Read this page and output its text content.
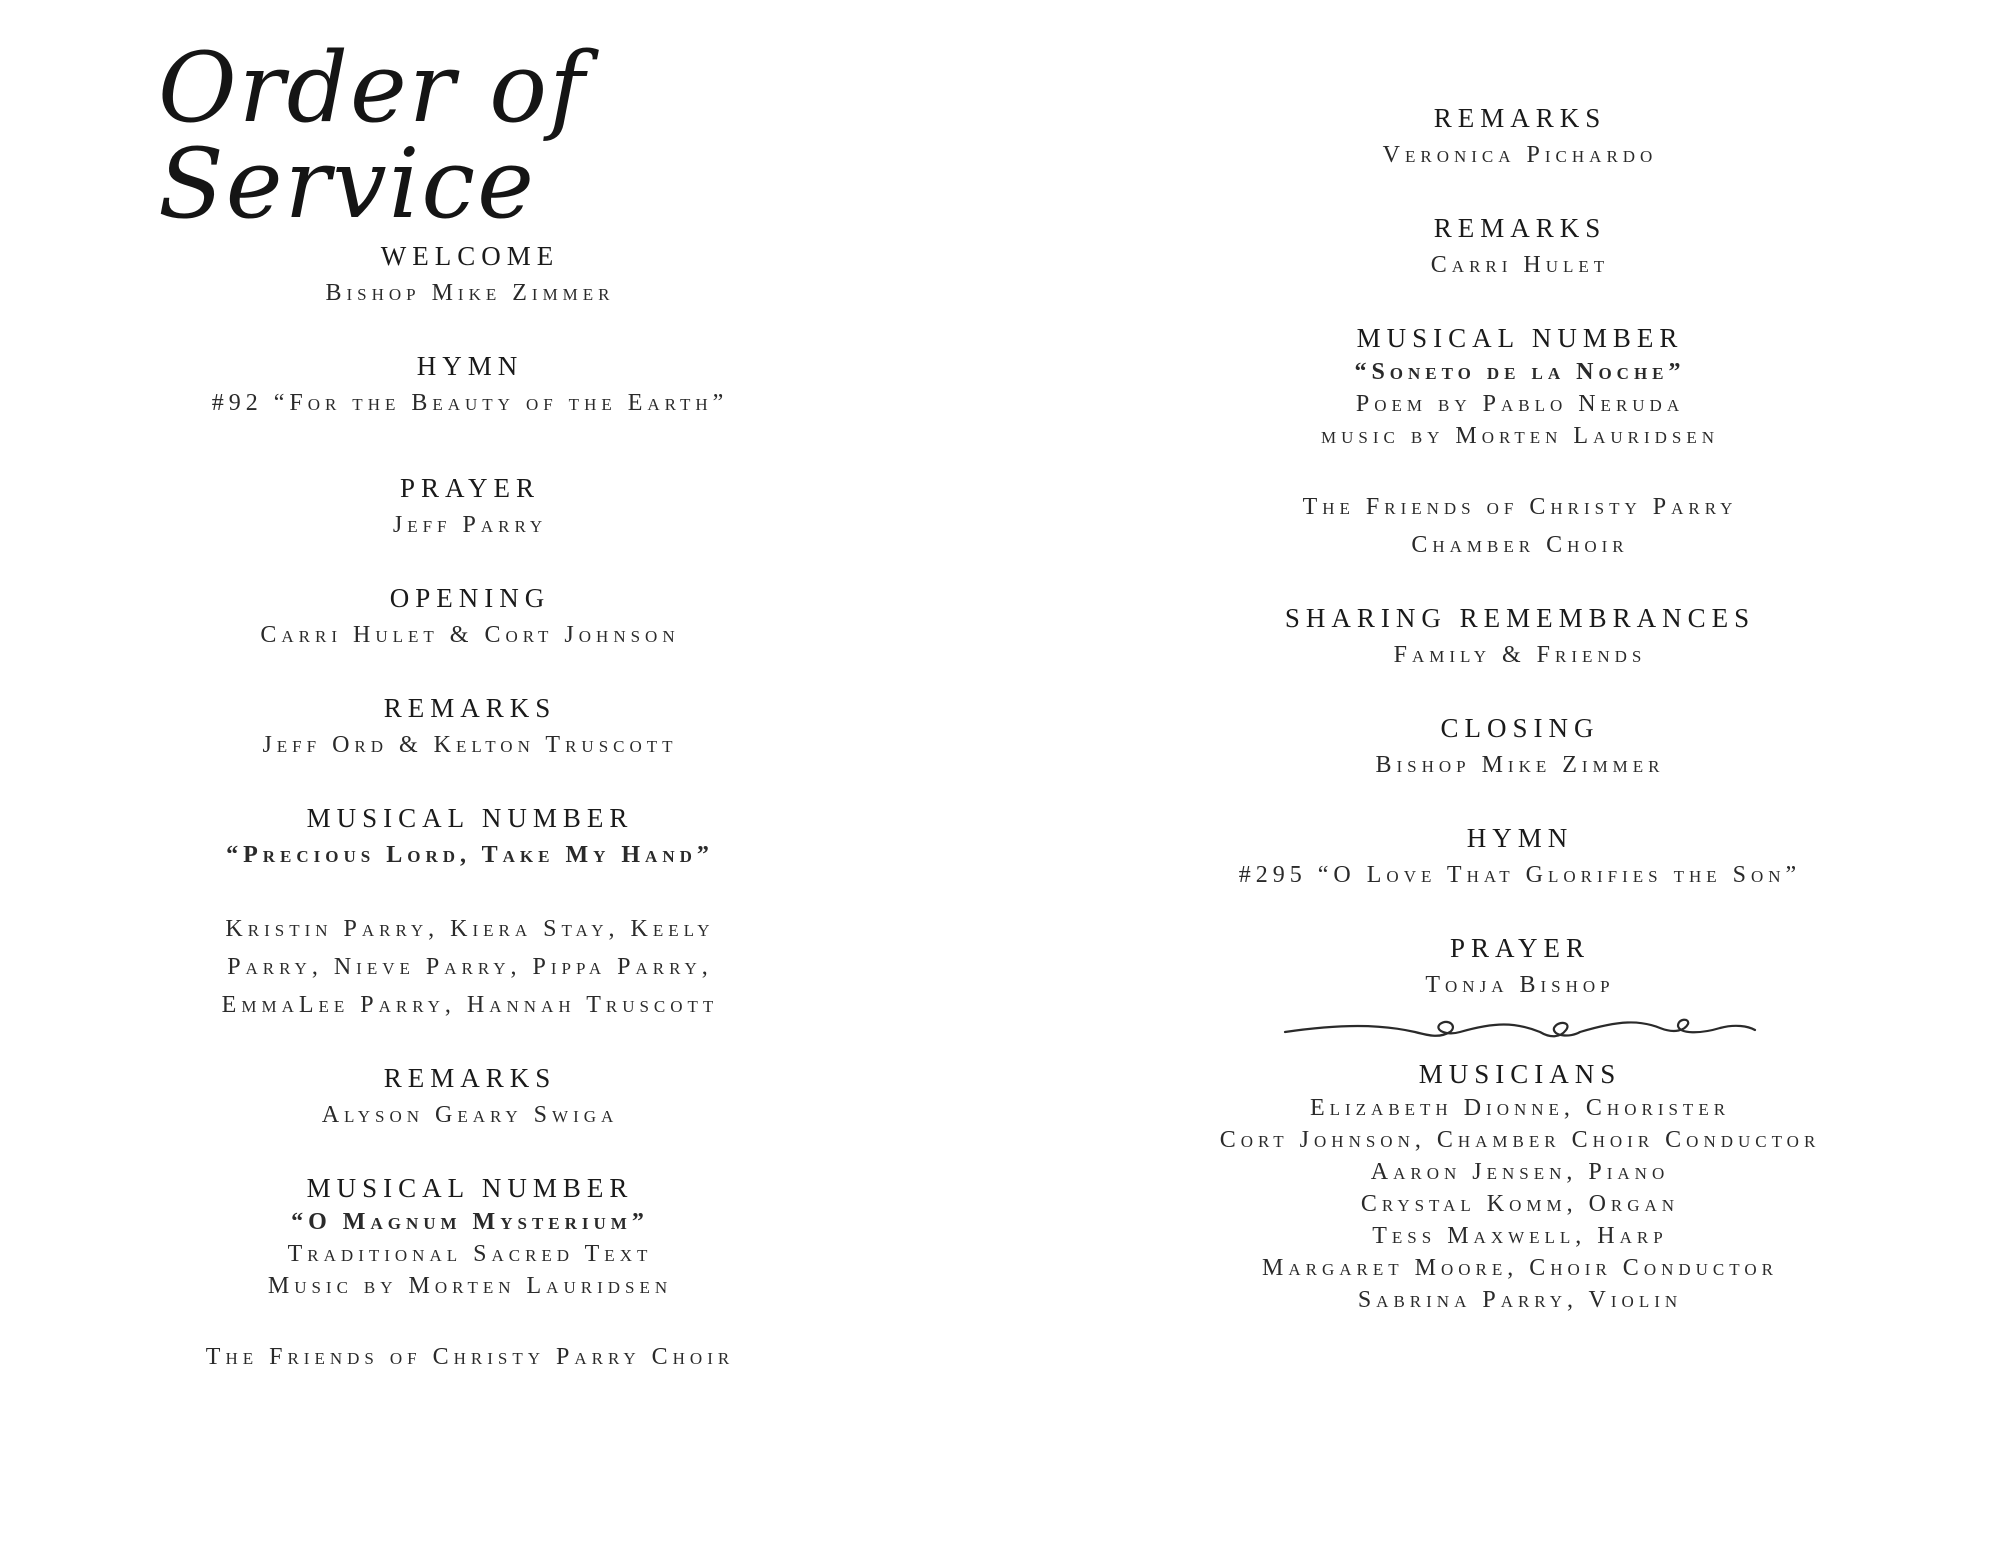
Order of Service
WELCOME
Bishop Mike Zimmer
HYMN
#92 “For the Beauty of the Earth”
PRAYER
Jeff Parry
OPENING
Carri Hulet & Cort Johnson
REMARKS
Jeff Ord & Kelton Truscott
MUSICAL NUMBER
“Precious Lord, Take My Hand”
Kristin Parry, Kiera Stay, Keely
Parry, Nieve Parry, Pippa Parry,
EmmaLee Parry, Hannah Truscott
REMARKS
Alyson Geary Swiga
MUSICAL NUMBER
“O Magnum Mysterium”
Traditional Sacred Text
Music by Morten Lauridsen
The Friends of Christy Parry Choir
REMARKS
Veronica Pichardo
REMARKS
Carri Hulet
MUSICAL NUMBER
“Soneto de la Noche”
Poem by Pablo Neruda
music by Morten Lauridsen
The Friends of Christy Parry
Chamber Choir
SHARING REMEMBRANCES
Family & Friends
CLOSING
Bishop Mike Zimmer
HYMN
#295 “O Love That Glorifies the Son”
PRAYER
Tonja Bishop
MUSICIANS
Elizabeth Dionne, Chorister
Cort Johnson, Chamber Choir Conductor
Aaron Jensen, Piano
Crystal Komm, Organ
Tess Maxwell, Harp
Margaret Moore, Choir Conductor
Sabrina Parry, Violin
